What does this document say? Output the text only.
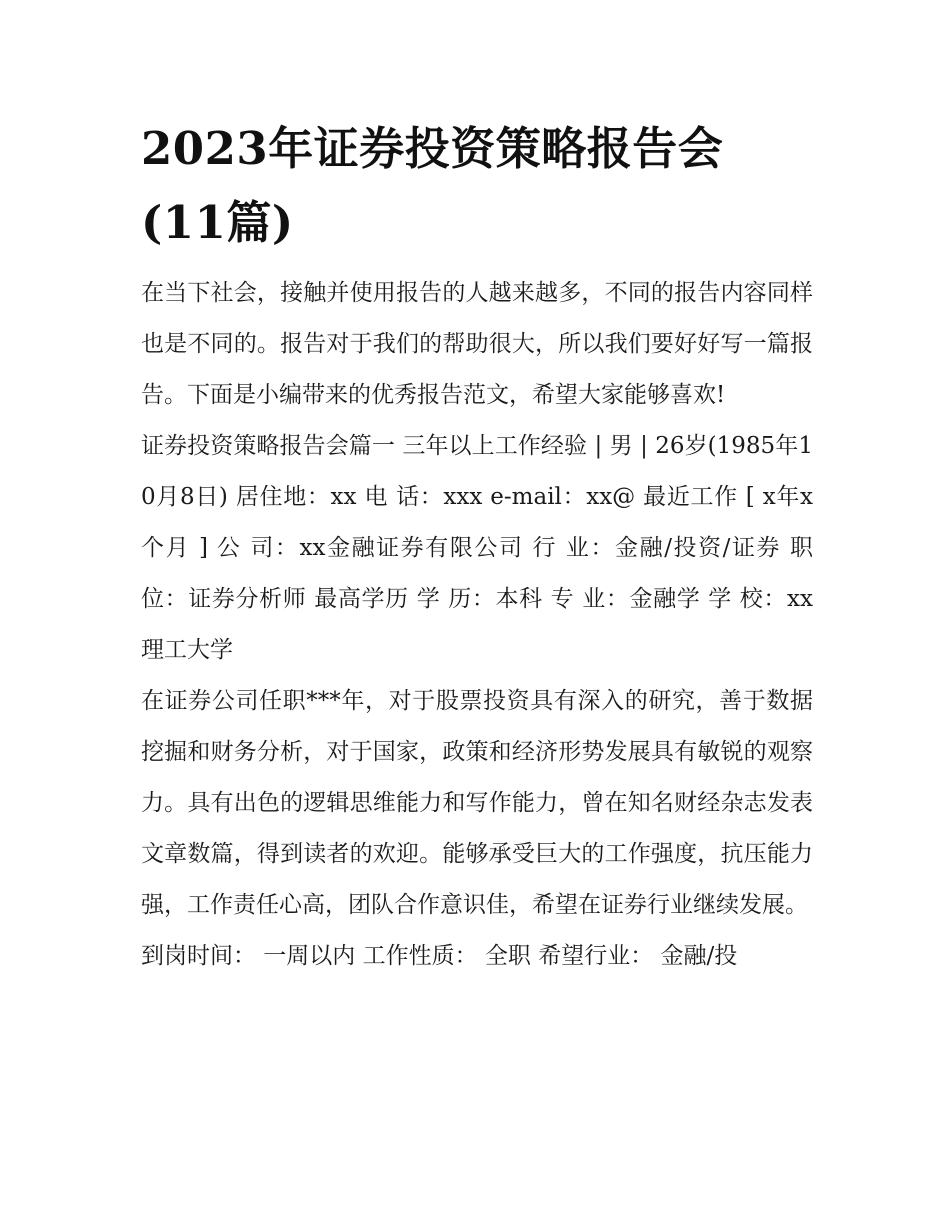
2023年证券投资策略报告会
(11篇)

在当下社会，接触并使用报告的人越来越多，不同的报告内容同样也是不同的。报告对于我们的帮助很大，所以我们要好好写一篇报告。下面是小编带来的优秀报告范文，希望大家能够喜欢!

证券投资策略报告会篇一 三年以上工作经验 | 男 | 26岁(1985年10月8日) 居住地：xx 电 话：xxx e-mail：xx@ 最近工作 [ x年x个月 ] 公 司：xx金融证券有限公司 行 业：金融/投资/证券 职 位：证券分析师 最高学历 学 历：本科 专 业：金融学 学 校：xx理工大学

在证券公司任职***年，对于股票投资具有深入的研究，善于数据挖掘和财务分析，对于国家，政策和经济形势发展具有敏锐的观察力。具有出色的逻辑思维能力和写作能力，曾在知名财经杂志发表文章数篇，得到读者的欢迎。能够承受巨大的工作强度，抗压能力强，工作责任心高，团队合作意识佳，希望在证券行业继续发展。

到岗时间： 一周以内 工作性质： 全职 希望行业： 金融/投
